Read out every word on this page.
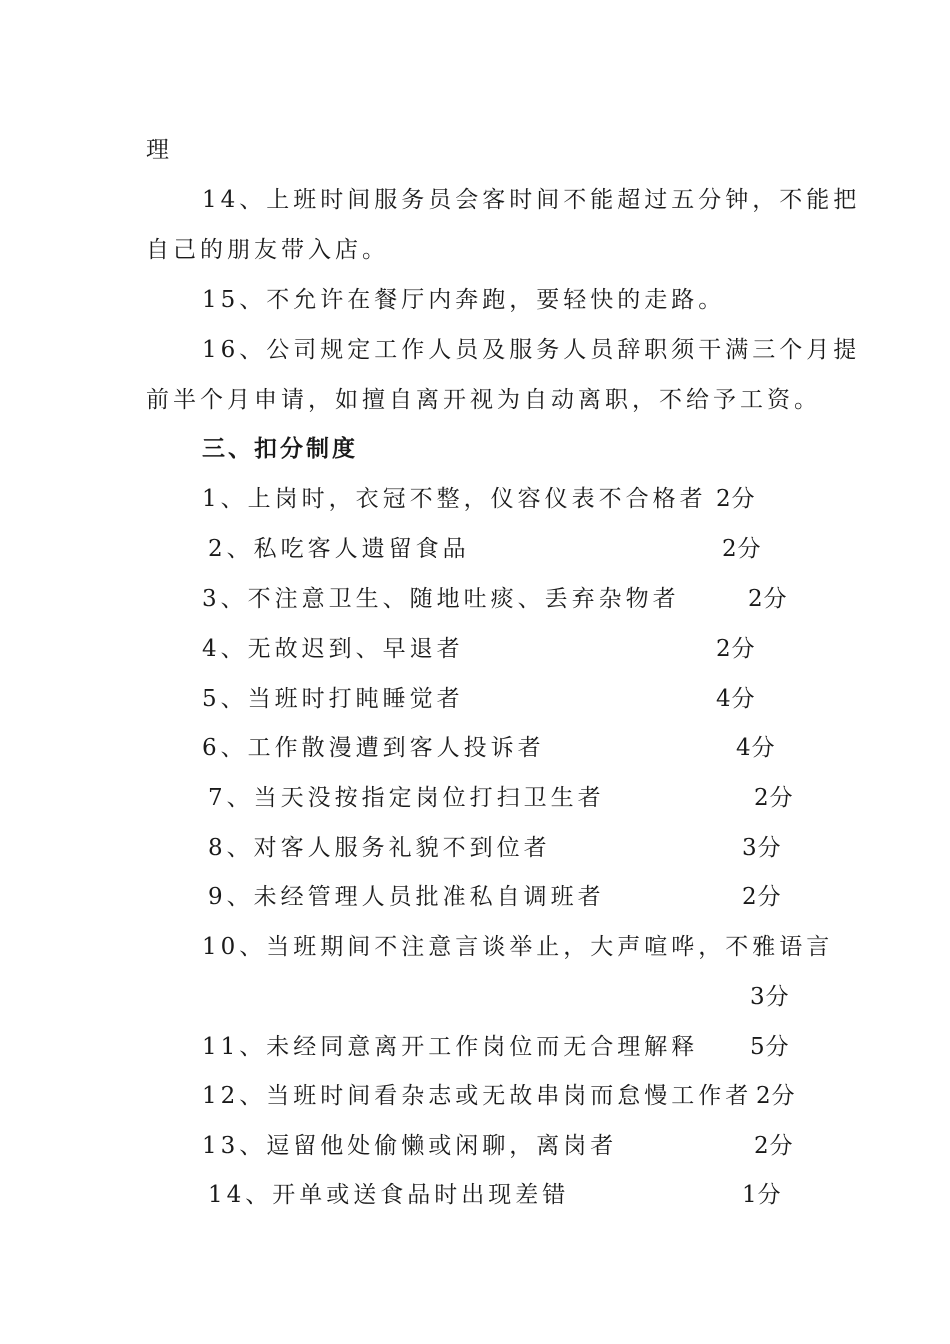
理
14、上班时间服务员会客时间不能超过五分钟，不能把
自己的朋友带入店。
15、不允许在餐厅内奔跑，要轻快的走路。
16、公司规定工作人员及服务人员辞职须干满三个月提
前半个月申请，如擅自离开视为自动离职，不给予工资。
三、扣分制度
1、上岗时，衣冠不整，仪容仪表不合格者 2分
2、私吃客人遗留食品	2分
3、不注意卫生、随地吐痰、丢弃杂物者	2分
4、无故迟到、早退者	2分
5、当班时打盹睡觉者	4分
6、工作散漫遭到客人投诉者	4分
7、当天没按指定岗位打扫卫生者	2分
8、对客人服务礼貌不到位者	3分
9、未经管理人员批准私自调班者	2分
10、当班期间不注意言谈举止，大声喧哗，不雅语言
3分
11、未经同意离开工作岗位而无合理解释 5分
12、当班时间看杂志或无故串岗而怠慢工作者 2分
13、逗留他处偷懒或闲聊，离岗者	2分
14、开单或送食品时出现差错	1分
